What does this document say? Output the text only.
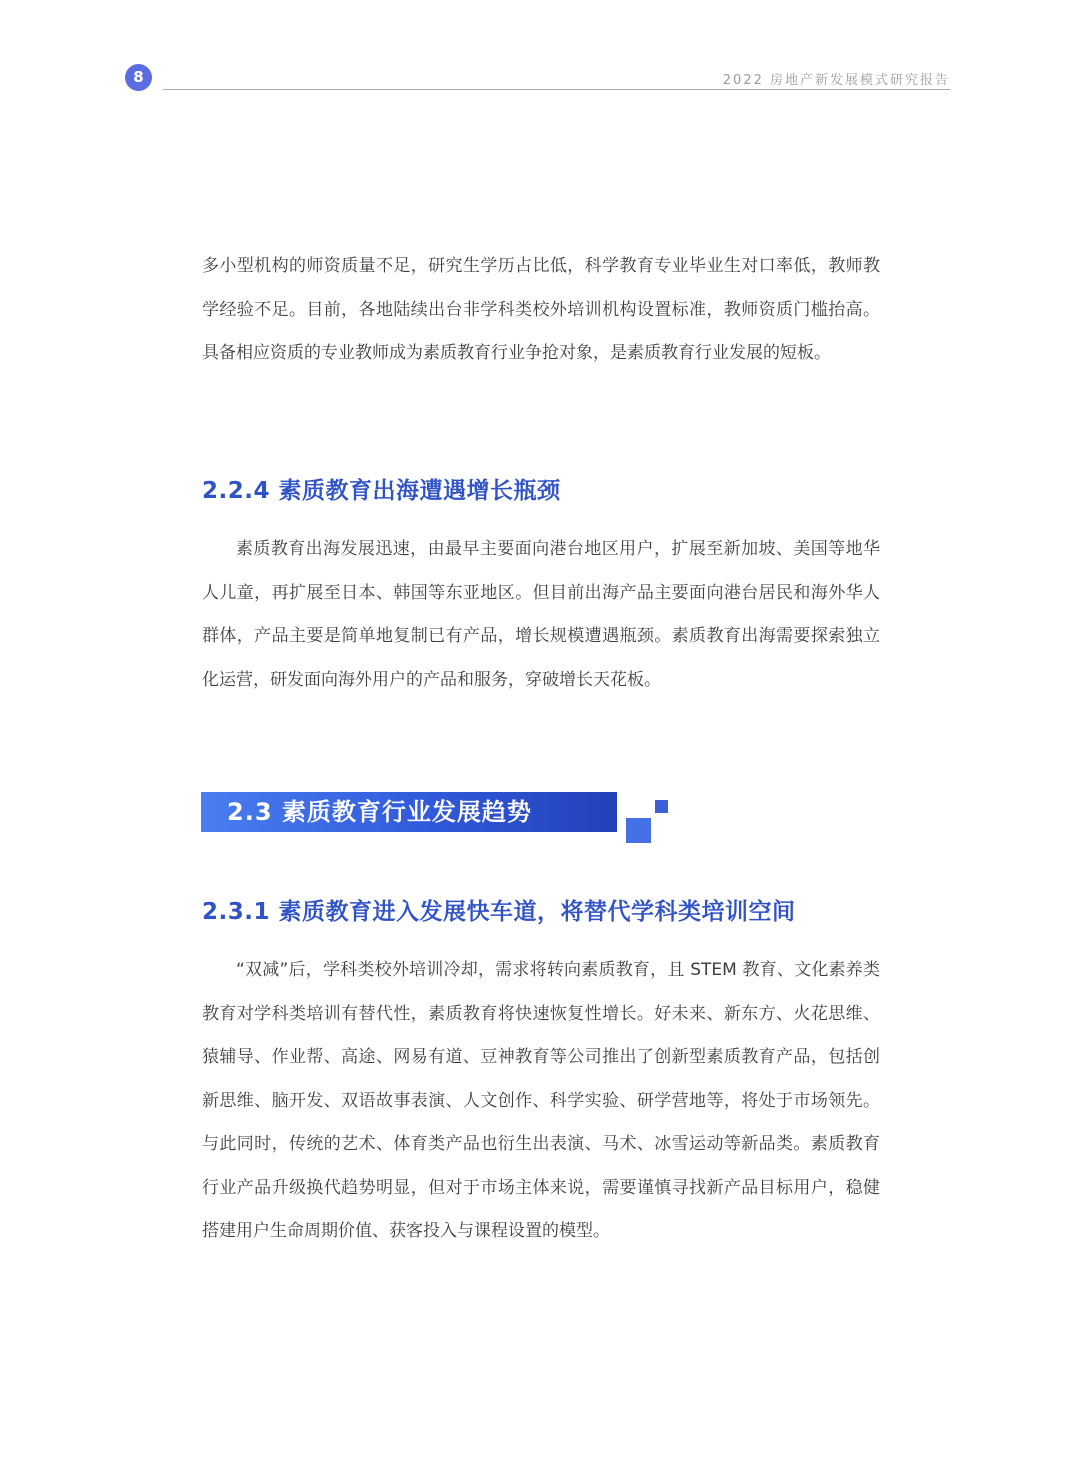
8	2022 房地产新发展模式研究报告

多小型机构的师资质量不足，研究生学历占比低，科学教育专业毕业生对口率低，教师教学经验不足。目前，各地陆续出台非学科类校外培训机构设置标准，教师资质门槛抬高。具备相应资质的专业教师成为素质教育行业争抢对象，是素质教育行业发展的短板。

2.2.4 素质教育出海遭遇增长瓶颈

素质教育出海发展迅速，由最早主要面向港台地区用户，扩展至新加坡、美国等地华人儿童，再扩展至日本、韩国等东亚地区。但目前出海产品主要面向港台居民和海外华人群体，产品主要是简单地复制已有产品，增长规模遭遇瓶颈。素质教育出海需要探索独立化运营，研发面向海外用户的产品和服务，穿破增长天花板。

2.3 素质教育行业发展趋势
2.3.1 素质教育进入发展快车道，将替代学科类培训空间

“双减”后，学科类校外培训冷却，需求将转向素质教育，且 STEM 教育、文化素养类教育对学科类培训有替代性，素质教育将快速恢复性增长。好未来、新东方、火花思维、猿辅导、作业帮、高途、网易有道、豆神教育等公司推出了创新型素质教育产品，包括创新思维、脑开发、双语故事表演、人文创作、科学实验、研学营地等，将处于市场领先。与此同时，传统的艺术、体育类产品也衍生出表演、马术、冰雪运动等新品类。素质教育行业产品升级换代趋势明显，但对于市场主体来说，需要谨慎寻找新产品目标用户，稳健搭建用户生命周期价值、获客投入与课程设置的模型。
